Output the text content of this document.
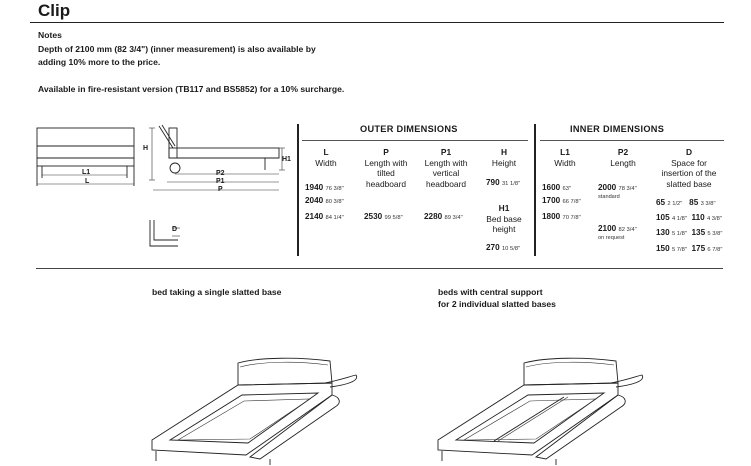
Clip
Notes
Depth of 2100 mm (82 3/4") (inner measurement) is also available by
adding 10% more to the price.
Available in fire-resistant version (TB117 and BS5852) for a 10% surcharge.
L1
L
H
H1
P2
P1
P
D
OUTER DIMENSIONS
L
Width
P
Length with tilted headboard
P1
Length with vertical headboard
H
Height
1940 76 3/8"
2040 80 3/8"
2140 84 1/4" 2530 99 5/8"	2280 89 3/4"
790 31 1/8"
H1
Bed base height
270 10 5/8"
INNER DIMENSIONS
L1
Width
P2
Length
D
Space for insertion of the slatted base
1600 63"
1700 66 7/8"
1800 70 7/8"
2000 78 3/4"
standard
2100 82 3/4"
on request
65 2 1/2" 85 3 3/8"
105 4 1/8" 110 4 3/8"
130 5 1/8" 135 5 3/8"
150 5 7/8" 175 6 7/8"
bed taking a single slatted base	beds with central support
for 2 individual slatted bases
